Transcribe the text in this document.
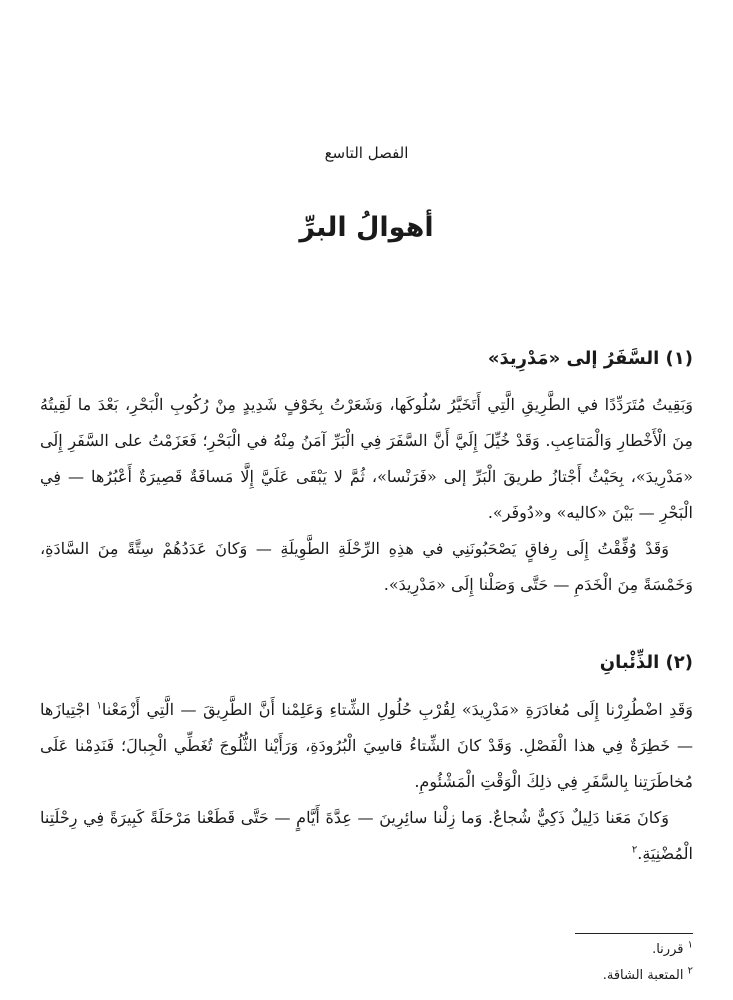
الفصل التاسع
أهوالُ البرِّ
(١) السَّفَرُ إلى «مَدْرِيدَ»

وَبَقِيتُ مُتَرَدِّدًا في الطَّرِيقِ الَّتِي أَتَخَيَّرُ سُلُوكَها، وَشَعَرْتُ بِخَوْفٍ شَدِيدٍ مِنْ رُكُوبِ الْبَحْرِ، بَعْدَ ما لَقِيتُهُ مِنَ الْأَخْطارِ وَالْمَتاعِبِ. وَقَدْ خُيِّلَ إِلَيَّ أَنَّ السَّفَرَ فِي الْبَرِّ آمَنُ مِنْهُ في الْبَحْرِ؛ فَعَزَمْتُ على السَّفَرِ إِلَى «مَدْرِيدَ»، بِحَيْثُ أَجْتازُ طريقَ الْبَرِّ إلى «فَرَنْسا»، ثُمَّ لا يَبْقَى عَلَيَّ إِلَّا مَسافَةٌ قَصِيرَةٌ أَعْبُرُها — فِي الْبَحْرِ — بَيْنَ «كاليه» و«دُوفَر».

وَقَدْ وُفِّقْتُ إِلَى رِفاقٍ يَصْحَبُونَنِي في هذِهِ الرِّحْلَةِ الطَّوِيلَةِ — وَكانَ عَدَدُهُمْ سِتَّةً مِنَ السَّادَةِ، وَخَمْسَةً مِنَ الْخَدَمِ — حَتَّى وَصَلْنا إِلَى «مَدْرِيدَ».

(٢) الذِّئْبانِ

وَقَدِ اضْطُرِرْنا إِلَى مُغادَرَةِ «مَدْرِيدَ» لِقُرْبِ حُلُولِ الشِّتاءِ وَعَلِمْنا أَنَّ الطَّرِيقَ — الَّتِي أَزْمَعْنا$^١$ اجْتِيازَها — خَطِرَةٌ فِي هذا الْفَصْلِ. وَقَدْ كانَ الشِّتاءُ قاسِيَ الْبُرُودَةِ، وَرَأَيْنا الثُّلُوجَ تُغَطِّي الْجِبالَ؛ فَنَدِمْنا عَلَى مُخاطَرَتِنا بِالسَّفَرِ فِي ذلِكَ الْوَقْتِ الْمَشْئُومِ.

وَكانَ مَعَنا دَلِيلٌ ذَكِيٌّ شُجاعٌ. وَما زِلْنا سائِرِينَ — عِدَّةَ أَيَّامٍ — حَتَّى قَطَعْنا مَرْحَلَةً كَبِيرَةً فِي رِحْلَتِنا الْمُضْنِيَةِ.$^٢$

$^١$ قررنا.
$^٢$ المتعبة الشاقة.
